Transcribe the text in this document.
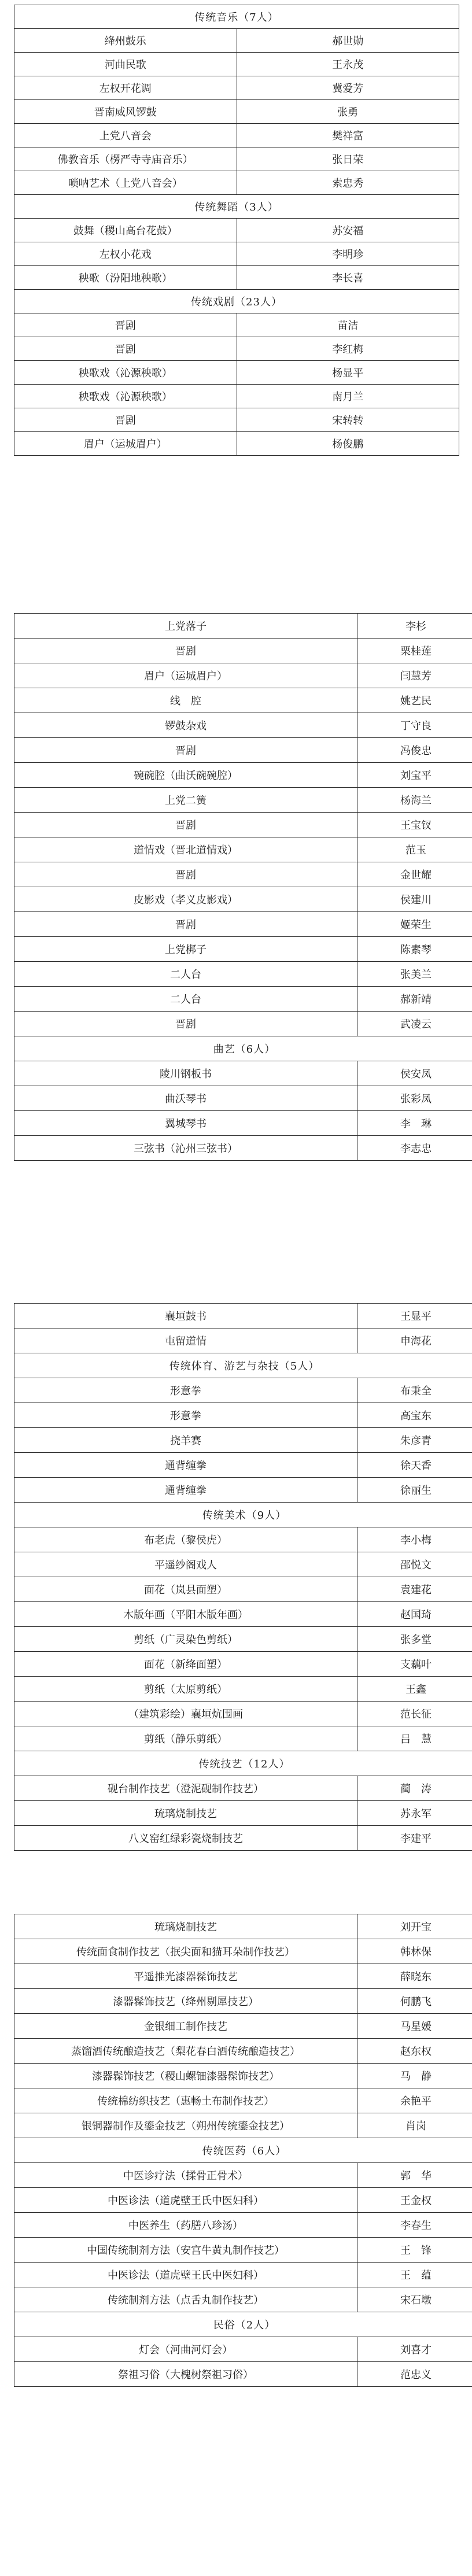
传统音乐（7人）	
绛州鼓乐	郝世勋
河曲民歌	王永茂
左权开花调	冀爱芳
晋南威风锣鼓	张勇
上党八音会	樊祥富
佛教音乐（楞严寺寺庙音乐）	张日荣
唢呐艺术（上党八音会）	索忠秀
传统舞蹈（3人）	
鼓舞（稷山高台花鼓）	苏安福
左权小花戏	李明珍
秧歌（汾阳地秧歌）	李长喜
传统戏剧（23人）	
晋剧	苗洁
晋剧	李红梅
秧歌戏（沁源秧歌）	杨显平
秧歌戏（沁源秧歌）	南月兰
晋剧	宋转转
眉户（运城眉户）	杨俊鹏
上党落子	李杉
晋剧	栗桂莲
眉户（运城眉户）	闫慧芳
线　腔	姚艺民
锣鼓杂戏	丁守良
晋剧	冯俊忠
碗碗腔（曲沃碗碗腔）	刘宝平
上党二簧	杨海兰
晋剧	王宝钗
道情戏（晋北道情戏）	范玉
晋剧	金世耀
皮影戏（孝义皮影戏）	侯建川
晋剧	姬荣生
上党梆子	陈素琴
二人台	张美兰
二人台	郝新靖
晋剧	武凌云
曲艺（6人）	
陵川钢板书	侯安凤
曲沃琴书	张彩凤
翼城琴书	李　琳
三弦书（沁州三弦书）	李志忠
襄垣鼓书	王显平
屯留道情	申海花
传统体育、游艺与杂技（5人）	
形意拳	布秉全
形意拳	高宝东
挠羊赛	朱彦青
通背缠拳	徐天香
通背缠拳	徐丽生
传统美术（9人）	
布老虎（黎侯虎）	李小梅
平遥纱阁戏人	邵悦文
面花（岚县面塑）	袁建花
木版年画（平阳木版年画）	赵国琦
剪纸（广灵染色剪纸）	张多堂
面花（新绛面塑）	支藕叶
剪纸（太原剪纸）	王鑫
（建筑彩绘）襄垣炕围画	范长征
剪纸（静乐剪纸）	吕　慧
传统技艺（12人）	
砚台制作技艺（澄泥砚制作技艺）	蔺　涛
琉璃烧制技艺	苏永军
八义窑红绿彩瓷烧制技艺	李建平
琉璃烧制技艺	刘开宝
传统面食制作技艺（抿尖面和猫耳朵制作技艺）	韩林保
平遥推光漆器髹饰技艺	薛晓东
漆器髹饰技艺（绛州剔犀技艺）	何鹏飞
金银细工制作技艺	马星媛
蒸馏酒传统酿造技艺（梨花春白酒传统酿造技艺）	赵东权
漆器髹饰技艺（稷山螺钿漆器髹饰技艺）	马　静
传统棉纺织技艺（惠畅土布制作技艺）	余艳平
银铜器制作及鎏金技艺（朔州传统鎏金技艺）	肖岗
传统医药（6人）	
中医诊疗法（揉骨正骨术）	郭　华
中医诊法（道虎壁王氏中医妇科）	王金权
中医养生（药膳八珍汤）	李春生
中国传统制剂方法（安宫牛黄丸制作技艺）	王　锋
中医诊法（道虎壁王氏中医妇科）	王　蕴
传统制剂方法（点舌丸制作技艺）	宋石墩
民俗（2人）	
灯会（河曲河灯会）	刘喜才
祭祖习俗（大槐树祭祖习俗）	范忠义
